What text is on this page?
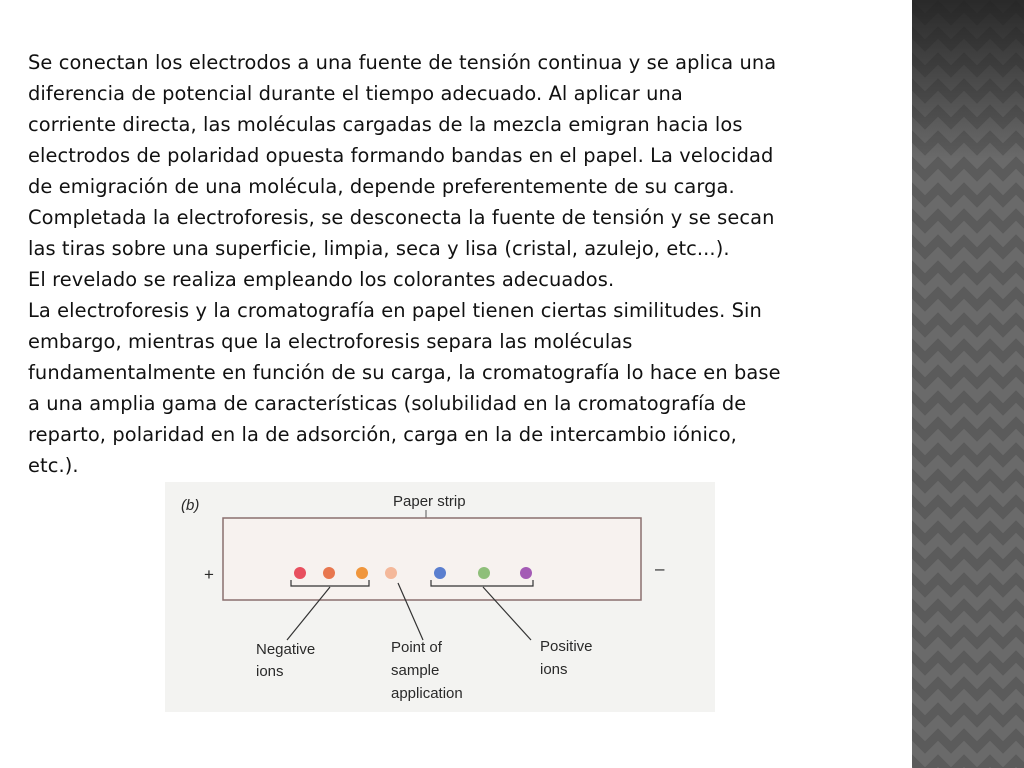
Se conectan los electrodos a una fuente de tensión continua y se aplica una
diferencia de potencial durante el tiempo adecuado. Al aplicar una
corriente directa, las moléculas cargadas de la mezcla emigran hacia los
electrodos de polaridad opuesta formando bandas en el papel. La velocidad
de emigración de una molécula, depende preferentemente de su carga.
Completada la electroforesis, se desconecta la fuente de tensión y se secan
las tiras sobre una superficie, limpia, seca y lisa (cristal, azulejo, etc...).
El revelado se realiza empleando los colorantes adecuados.
La electroforesis y la cromatografía en papel tienen ciertas similitudes. Sin
embargo, mientras que la electroforesis separa las moléculas
fundamentalmente en función de su carga, la cromatografía lo hace en base
a una amplia gama de características (solubilidad en la cromatografía de
reparto, polaridad en la de adsorción, carga en la de intercambio iónico,
etc.).
(b)	Paper strip
+	–
Negative
ions
Point of
sample
application
Positive
ions
